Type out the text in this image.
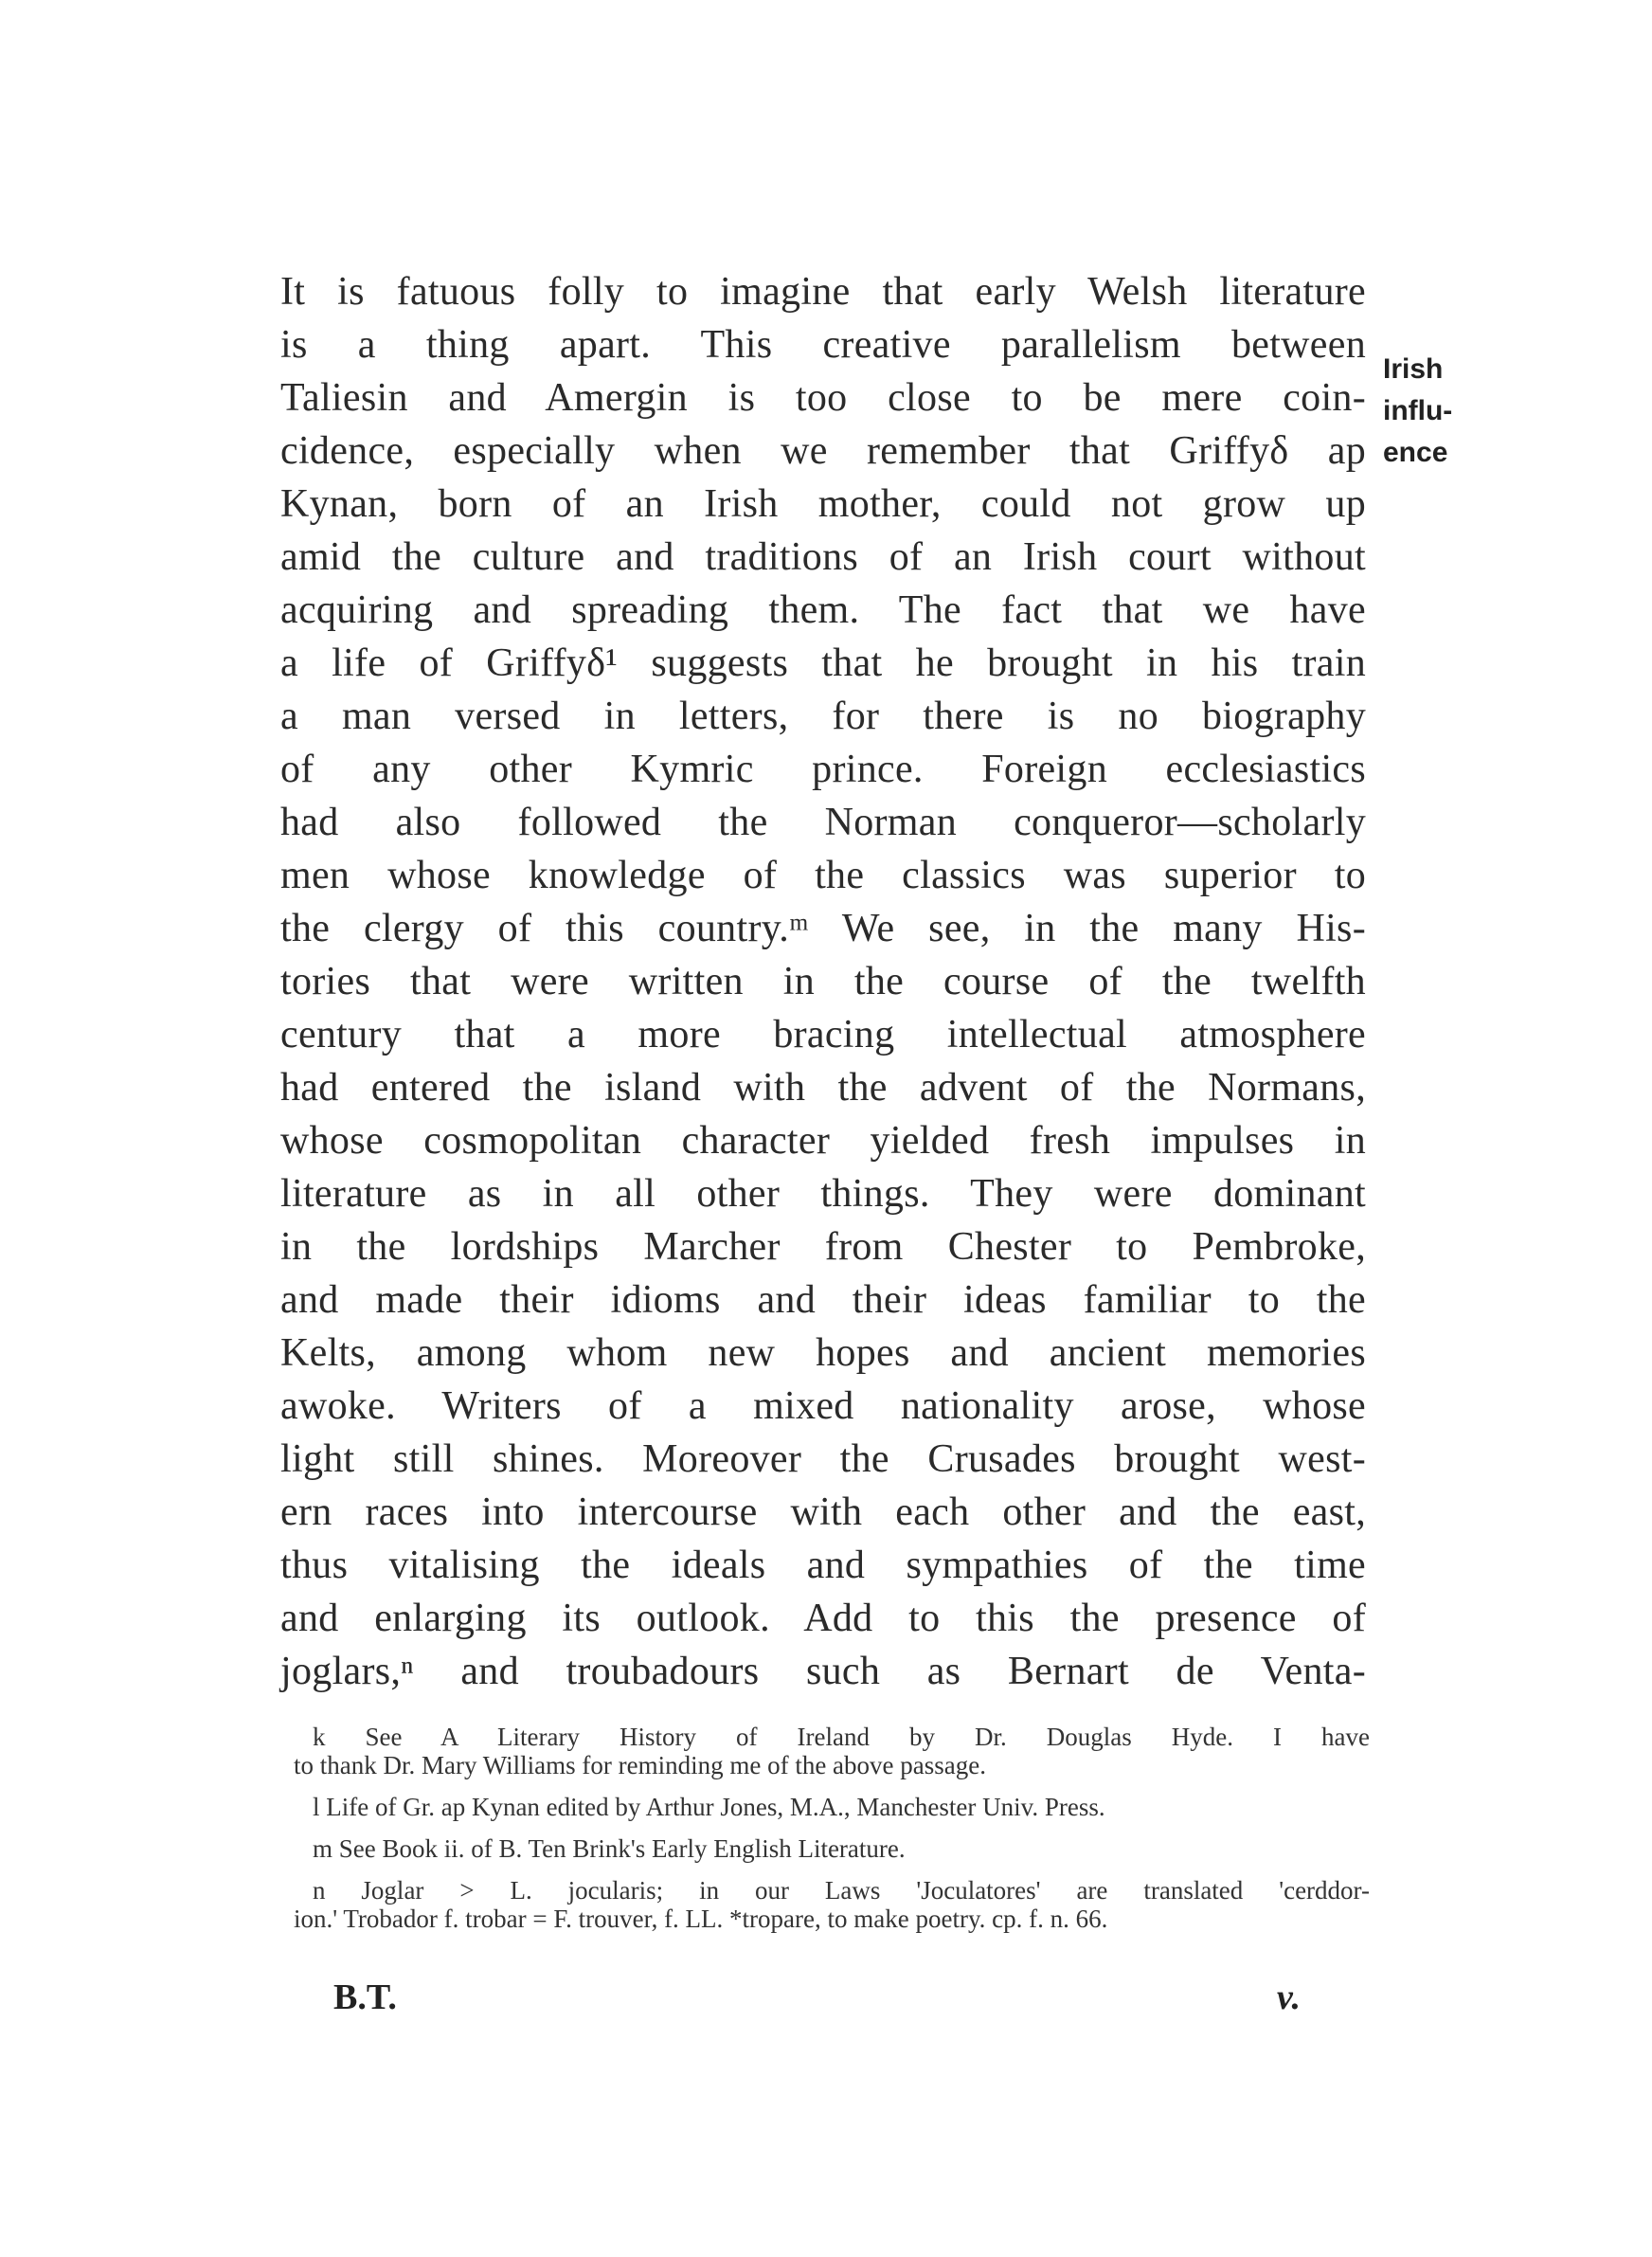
It is fatuous folly to imagine that early Welsh literature
is a thing apart. This creative parallelism between
Taliesin and Amergin is too close to be mere coin-
cidence, especially when we remember that Griffyδ ap
Kynan, born of an Irish mother, could not grow up
amid the culture and traditions of an Irish court without
acquiring and spreading them. The fact that we have
a life of Griffyδ¹ suggests that he brought in his train
a man versed in letters, for there is no biography
of any other Kymric prince. Foreign ecclesiastics
had also followed the Norman conqueror—scholarly
men whose knowledge of the classics was superior to
the clergy of this country.ᵐ We see, in the many His-
tories that were written in the course of the twelfth
century that a more bracing intellectual atmosphere
had entered the island with the advent of the Normans,
whose cosmopolitan character yielded fresh impulses in
literature as in all other things. They were dominant
in the lordships Marcher from Chester to Pembroke,
and made their idioms and their ideas familiar to the
Kelts, among whom new hopes and ancient memories
awoke. Writers of a mixed nationality arose, whose
light still shines. Moreover the Crusades brought west-
ern races into intercourse with each other and the east,
thus vitalising the ideals and sympathies of the time
and enlarging its outlook. Add to this the presence of
joglars,ⁿ and troubadours such as Bernart de Venta-
Irish
influ-
ence
k See A Literary History of Ireland by Dr. Douglas Hyde. I have
to thank Dr. Mary Williams for reminding me of the above passage.
l Life of Gr. ap Kynan edited by Arthur Jones, M.A., Manchester Univ. Press.
m See Book ii. of B. Ten Brink's Early English Literature.
n Joglar > L. jocularis; in our Laws 'Joculatores' are translated 'cerddor-
ion.' Trobador f. trobar = F. trouver, f. LL. *tropare, to make poetry. cp. f. n. 66.
B.T.	v.
